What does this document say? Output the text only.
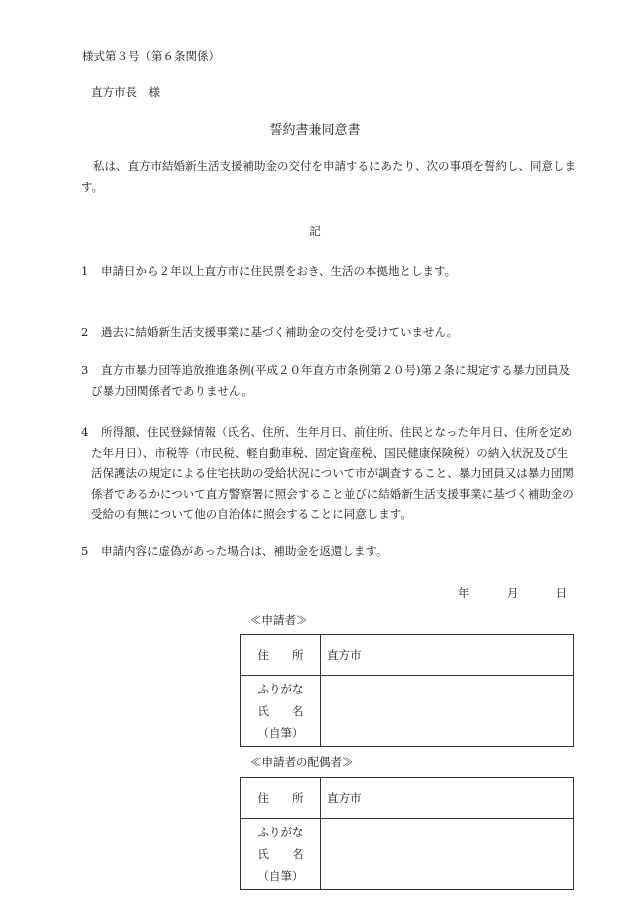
様式第３号（第６条関係）
直方市長　様
誓約書兼同意書
私は、直方市結婚新生活支援補助金の交付を申請するにあたり、次の事項を誓約し、同意します。
記
1	申請日から２年以上直方市に住民票をおき、生活の本拠地とします。
2	過去に結婚新生活支援事業に基づく補助金の交付を受けていません。
3	直方市暴力団等追放推進条例(平成２０年直方市条例第２０号)第２条に規定する暴力団員及び暴力団関係者でありません。
4	所得額、住民登録情報（氏名、住所、生年月日、前住所、住民となった年月日、住所を定めた年月日）、市税等（市民税、軽自動車税、固定資産税、国民健康保険税）の納入状況及び生活保護法の規定による住宅扶助の受給状況について市が調査すること、暴力団員又は暴力団関係者であるかについて直方警察署に照会すること並びに結婚新生活支援事業に基づく補助金の受給の有無について他の自治体に照会することに同意します。
5	申請内容に虚偽があった場合は、補助金を返還します。
年	月	日
≪申請者≫
住　　所	直方市

ふりがな
氏　　名
（自筆）	

≪申請者の配偶者≫
住　　所	直方市

ふりがな
氏　　名
（自筆）	
